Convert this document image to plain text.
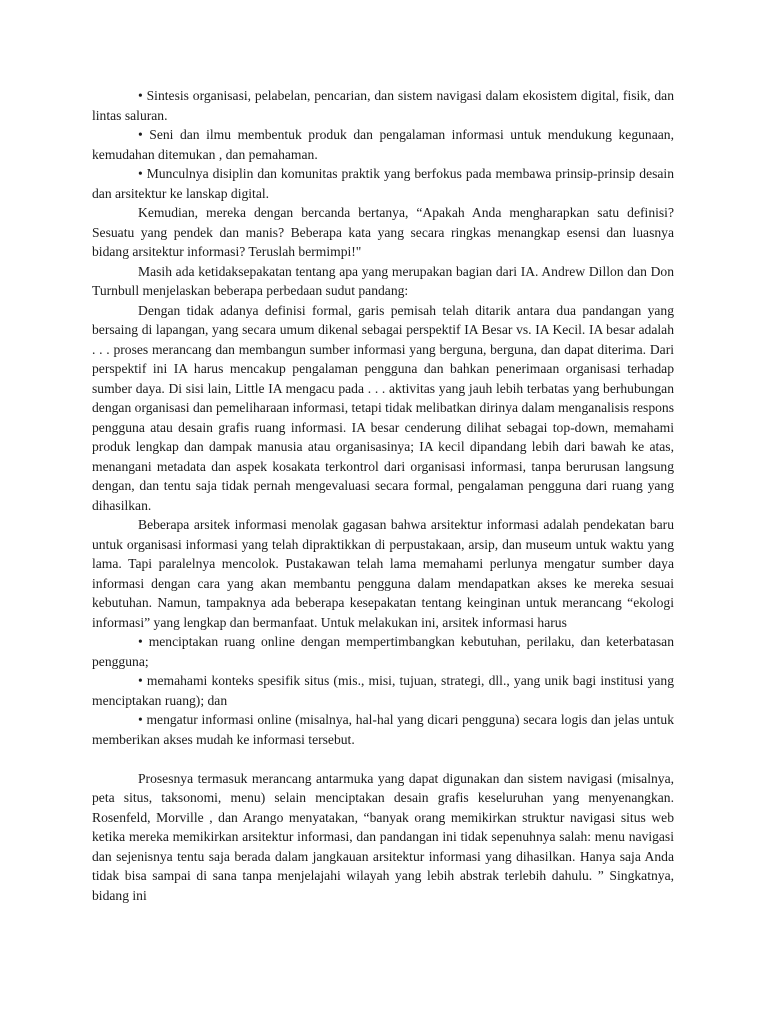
• Sintesis organisasi, pelabelan, pencarian, dan sistem navigasi dalam ekosistem digital, fisik, dan lintas saluran.

• Seni dan ilmu membentuk produk dan pengalaman informasi untuk mendukung kegunaan, kemudahan ditemukan , dan pemahaman.

• Munculnya disiplin dan komunitas praktik yang berfokus pada membawa prinsip-prinsip desain dan arsitektur ke lanskap digital.

Kemudian, mereka dengan bercanda bertanya, “Apakah Anda mengharapkan satu definisi? Sesuatu yang pendek dan manis? Beberapa kata yang secara ringkas menangkap esensi dan luasnya bidang arsitektur informasi? Teruslah bermimpi!"

Masih ada ketidaksepakatan tentang apa yang merupakan bagian dari IA. Andrew Dillon dan Don Turnbull menjelaskan beberapa perbedaan sudut pandang:

Dengan tidak adanya definisi formal, garis pemisah telah ditarik antara dua pandangan yang bersaing di lapangan, yang secara umum dikenal sebagai perspektif IA Besar vs. IA Kecil. IA besar adalah . . . proses merancang dan membangun sumber informasi yang berguna, berguna, dan dapat diterima. Dari perspektif ini IA harus mencakup pengalaman pengguna dan bahkan penerimaan organisasi terhadap sumber daya. Di sisi lain, Little IA mengacu pada . . . aktivitas yang jauh lebih terbatas yang berhubungan dengan organisasi dan pemeliharaan informasi, tetapi tidak melibatkan dirinya dalam menganalisis respons pengguna atau desain grafis ruang informasi. IA besar cenderung dilihat sebagai top-down, memahami produk lengkap dan dampak manusia atau organisasinya; IA kecil dipandang lebih dari bawah ke atas, menangani metadata dan aspek kosakata terkontrol dari organisasi informasi, tanpa berurusan langsung dengan, dan tentu saja tidak pernah mengevaluasi secara formal, pengalaman pengguna dari ruang yang dihasilkan.

Beberapa arsitek informasi menolak gagasan bahwa arsitektur informasi adalah pendekatan baru untuk organisasi informasi yang telah dipraktikkan di perpustakaan, arsip, dan museum untuk waktu yang lama. Tapi paralelnya mencolok. Pustakawan telah lama memahami perlunya mengatur sumber daya informasi dengan cara yang akan membantu pengguna dalam mendapatkan akses ke mereka sesuai kebutuhan. Namun, tampaknya ada beberapa kesepakatan tentang keinginan untuk merancang “ekologi informasi” yang lengkap dan bermanfaat. Untuk melakukan ini, arsitek informasi harus

• menciptakan ruang online dengan mempertimbangkan kebutuhan, perilaku, dan keterbatasan pengguna;

• memahami konteks spesifik situs (mis., misi, tujuan, strategi, dll., yang unik bagi institusi yang menciptakan ruang); dan

• mengatur informasi online (misalnya, hal-hal yang dicari pengguna) secara logis dan jelas untuk memberikan akses mudah ke informasi tersebut.

Prosesnya termasuk merancang antarmuka yang dapat digunakan dan sistem navigasi (misalnya, peta situs, taksonomi, menu) selain menciptakan desain grafis keseluruhan yang menyenangkan. Rosenfeld, Morville , dan Arango menyatakan, “banyak orang memikirkan struktur navigasi situs web ketika mereka memikirkan arsitektur informasi, dan pandangan ini tidak sepenuhnya salah: menu navigasi dan sejenisnya tentu saja berada dalam jangkauan arsitektur informasi yang dihasilkan. Hanya saja Anda tidak bisa sampai di sana tanpa menjelajahi wilayah yang lebih abstrak terlebih dahulu. ” Singkatnya, bidang ini
